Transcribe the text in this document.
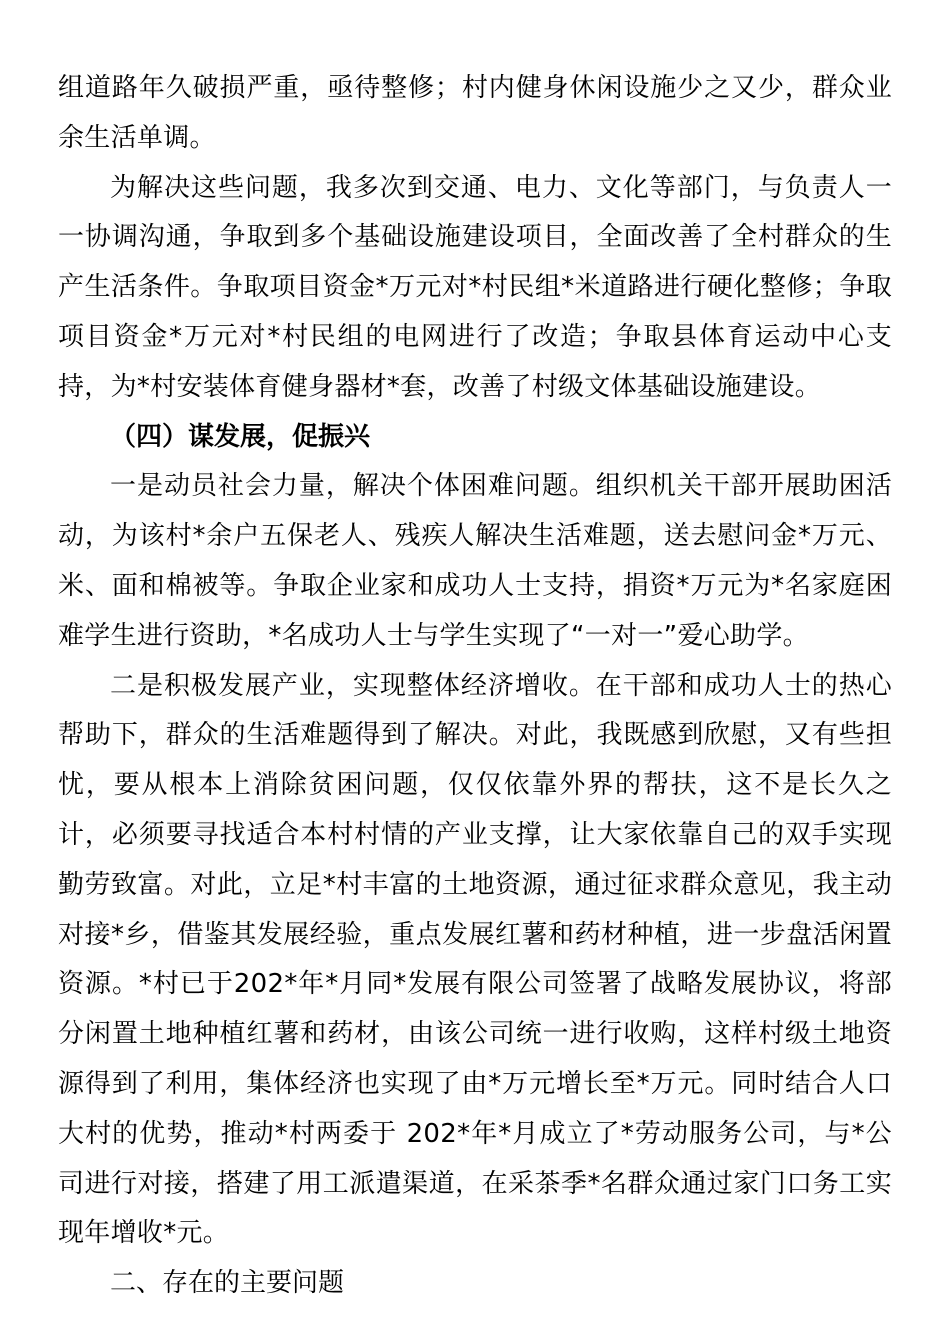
组道路年久破损严重，亟待整修；村内健身休闲设施少之又少，群众业余生活单调。

为解决这些问题，我多次到交通、电力、文化等部门，与负责人一一协调沟通，争取到多个基础设施建设项目，全面改善了全村群众的生产生活条件。争取项目资金*万元对*村民组*米道路进行硬化整修；争取项目资金*万元对*村民组的电网进行了改造；争取县体育运动中心支持，为*村安装体育健身器材*套，改善了村级文体基础设施建设。

（四）谋发展，促振兴

一是动员社会力量，解决个体困难问题。组织机关干部开展助困活动，为该村*余户五保老人、残疾人解决生活难题，送去慰问金*万元、米、面和棉被等。争取企业家和成功人士支持，捐资*万元为*名家庭困难学生进行资助，*名成功人士与学生实现了“一对一”爱心助学。

二是积极发展产业，实现整体经济增收。在干部和成功人士的热心帮助下，群众的生活难题得到了解决。对此，我既感到欣慰，又有些担忧，要从根本上消除贫困问题，仅仅依靠外界的帮扶，这不是长久之计，必须要寻找适合本村村情的产业支撑，让大家依靠自己的双手实现勤劳致富。对此，立足*村丰富的土地资源，通过征求群众意见，我主动对接*乡，借鉴其发展经验，重点发展红薯和药材种植，进一步盘活闲置资源。*村已于202*年*月同*发展有限公司签署了战略发展协议，将部分闲置土地种植红薯和药材，由该公司统一进行收购，这样村级土地资源得到了利用，集体经济也实现了由*万元增长至*万元。同时结合人口大村的优势，推动*村两委于 202*年*月成立了*劳动服务公司，与*公司进行对接，搭建了用工派遣渠道，在采茶季*名群众通过家门口务工实现年增收*元。

二、存在的主要问题
